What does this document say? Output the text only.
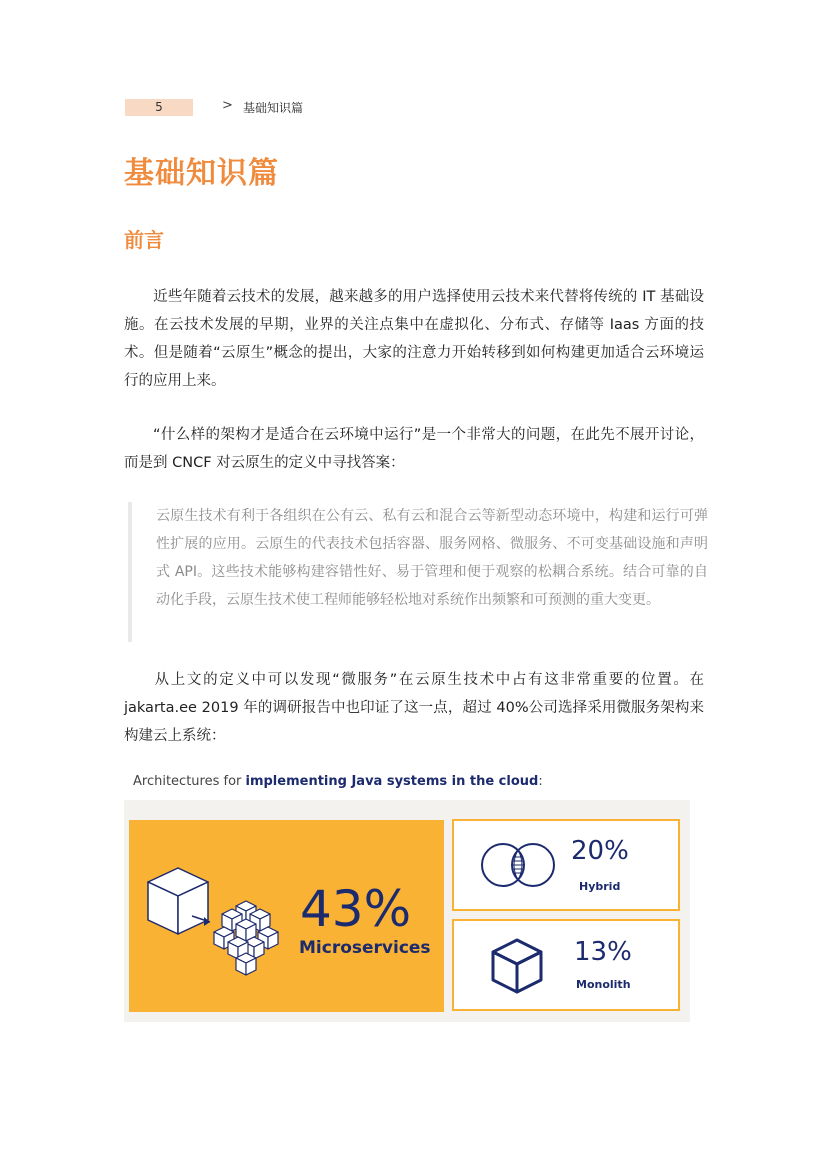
5	> 基础知识篇
基础知识篇
前言

近些年随着云技术的发展，越来越多的用户选择使用云技术来代替将传统的 IT 基础设施。在云技术发展的早期，业界的关注点集中在虚拟化、分布式、存储等 Iaas 方面的技术。但是随着“云原生”概念的提出，大家的注意力开始转移到如何构建更加适合云环境运行的应用上来。

“什么样的架构才是适合在云环境中运行”是一个非常大的问题，在此先不展开讨论，而是到 CNCF 对云原生的定义中寻找答案：

云原生技术有利于各组织在公有云、私有云和混合云等新型动态环境中，构建和运行可弹性扩展的应用。云原生的代表技术包括容器、服务网格、微服务、不可变基础设施和声明式 API。这些技术能够构建容错性好、易于管理和便于观察的松耦合系统。结合可靠的自动化手段，云原生技术使工程师能够轻松地对系统作出频繁和可预测的重大变更。

从上文的定义中可以发现“微服务”在云原生技术中占有这非常重要的位置。在 jakarta.ee 2019 年的调研报告中也印证了这一点，超过 40%公司选择采用微服务架构来构建云上系统：

Architectures for implementing Java systems in the cloud:
43%
Microservices
20%
Hybrid
13%
Monolith
